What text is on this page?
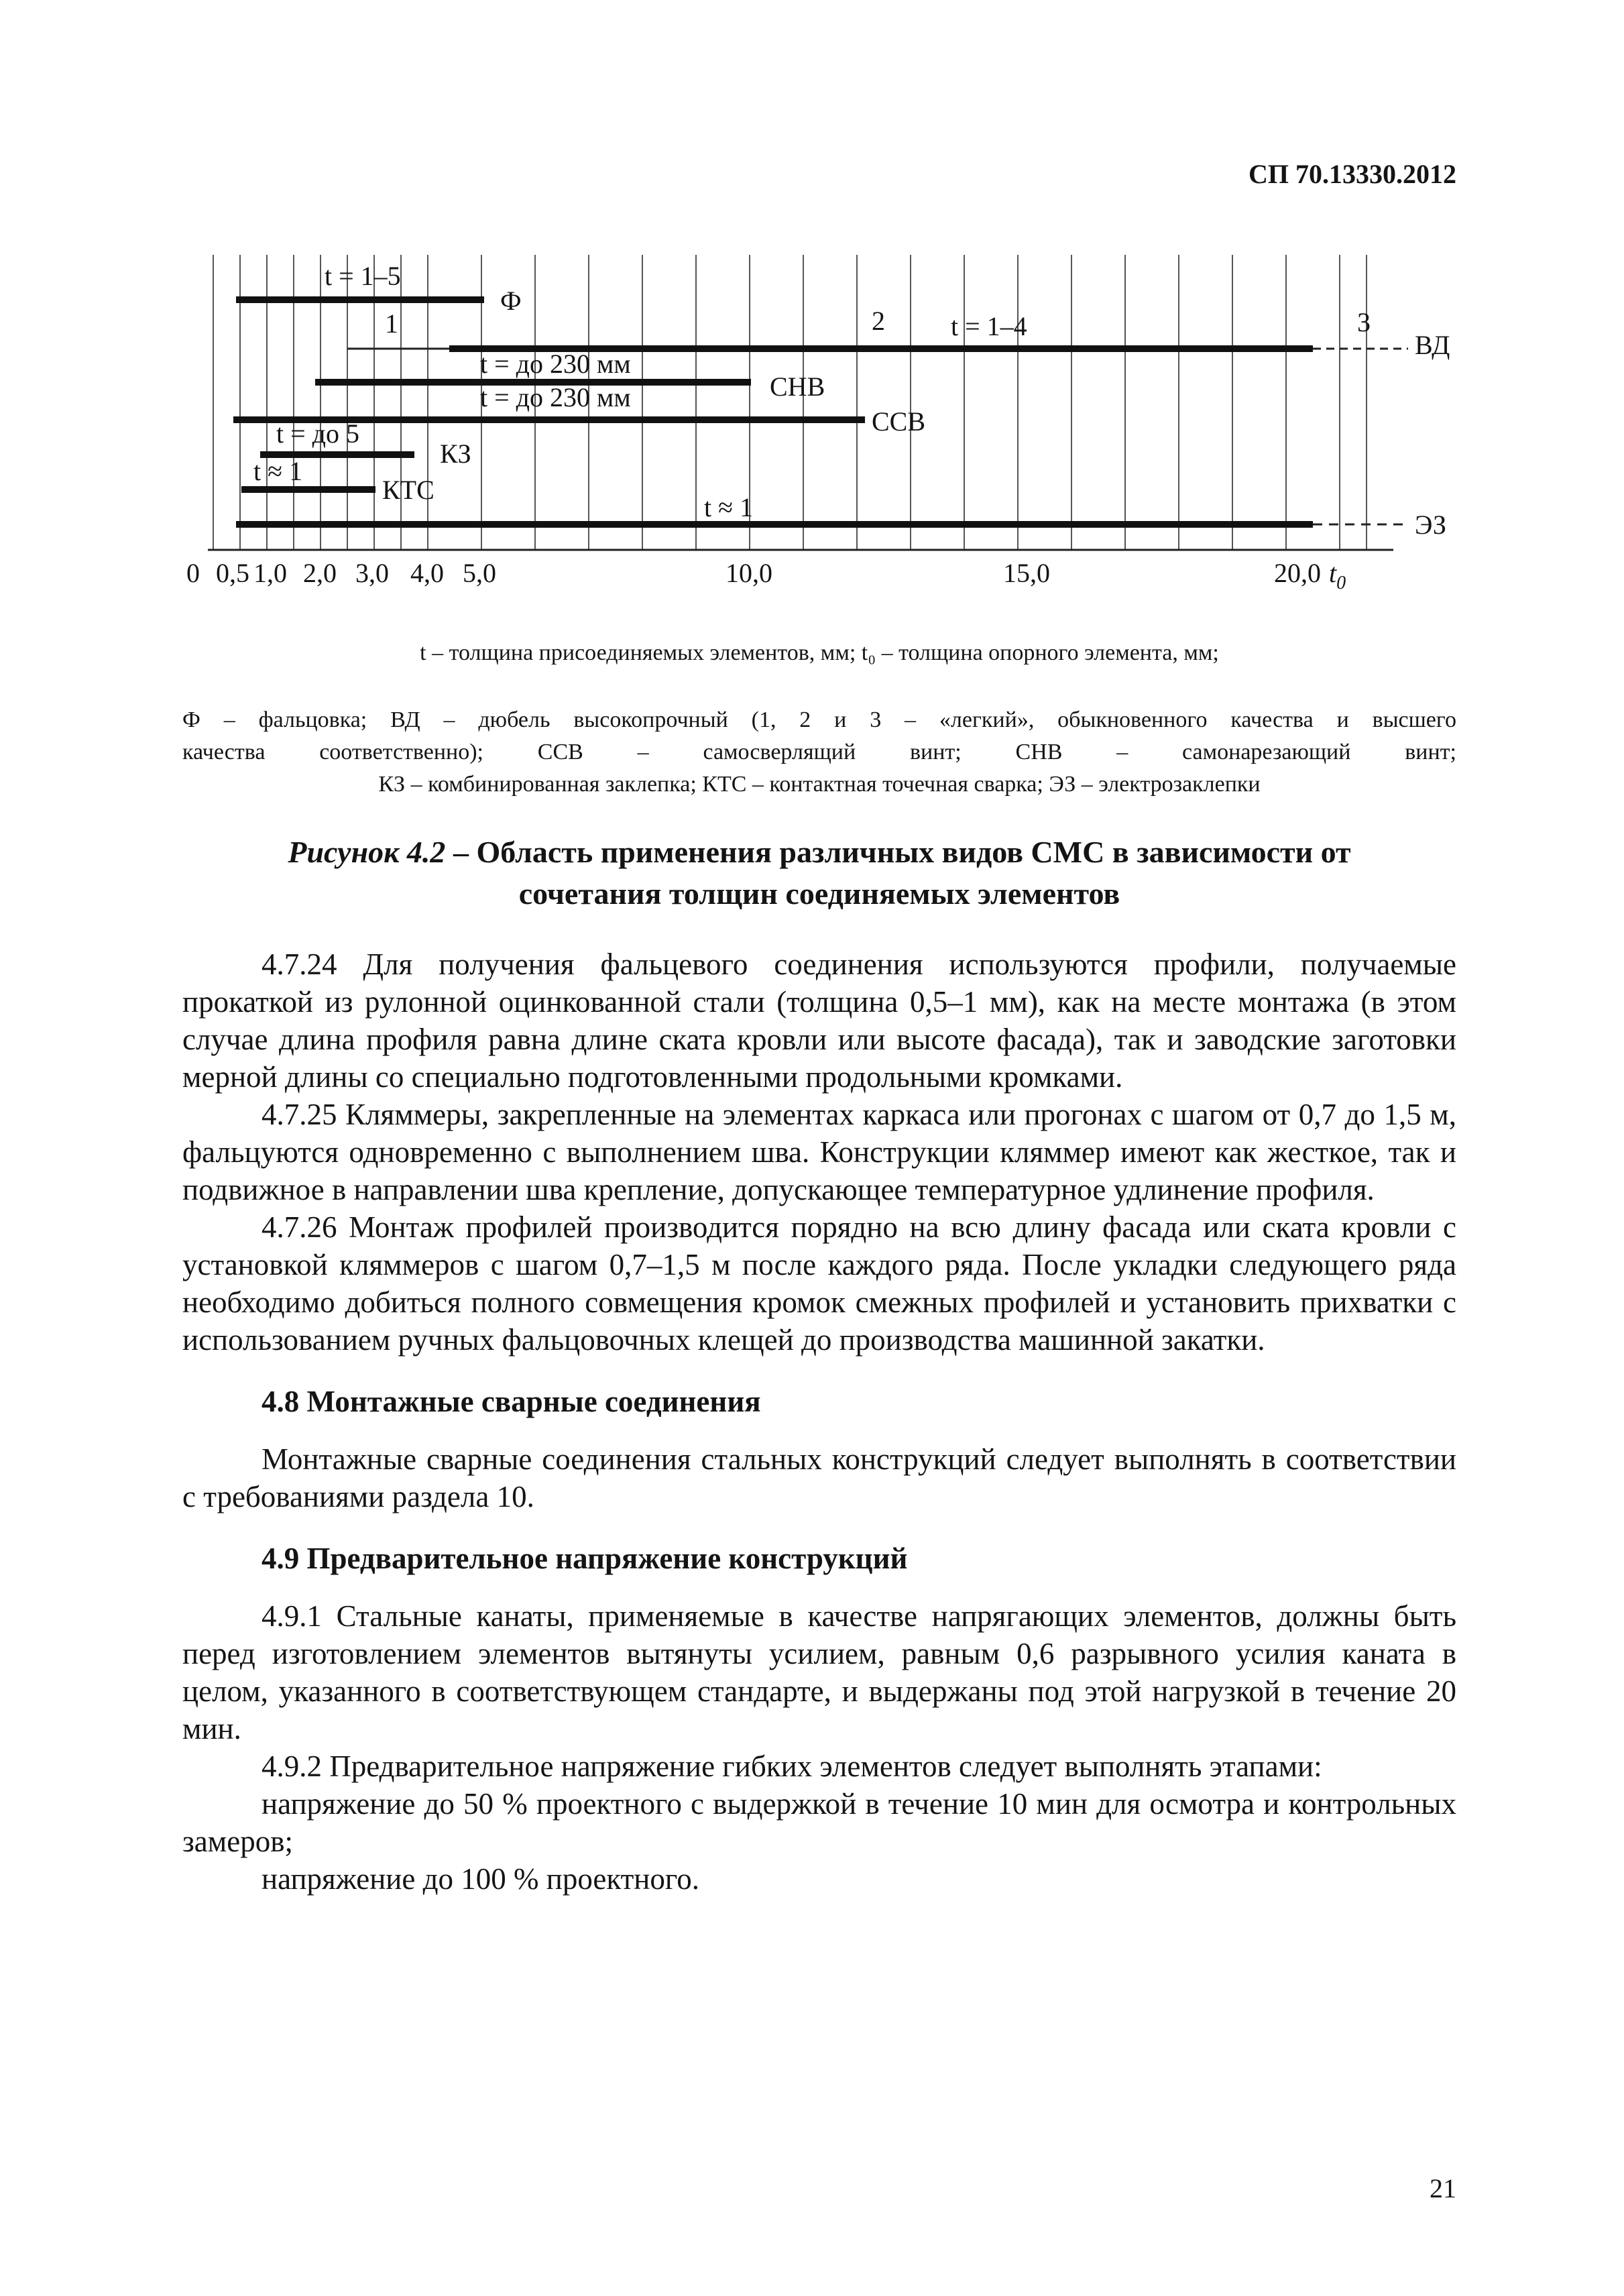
СП 70.13330.2012
t = 1–5
Ф
1	2 t = 1–4	3
ВД
t = до 230 мм
СНВ
t = до 230 мм
ССВ
t = до 5
КЗ
t ≈ 1
КТС
t ≈ 1
ЭЗ
0 0,5 1,0 2,0 3,0 4,0 5,0	10,0	15,0	20,0 $t_0$
t – толщина присоединяемых элементов, мм; t₀ – толщина опорного элемента, мм;
Ф – фальцовка; ВД – дюбель высокопрочный (1, 2 и 3 – «легкий», обыкновенного качества и высшего
качества соответственно); ССВ – самосверлящий винт; СНВ – самонарезающий винт;
КЗ – комбинированная заклепка; КТС – контактная точечная сварка; ЭЗ – электрозаклепки
Рисунок 4.2 – Область применения различных видов СМС в зависимости от
сочетания толщин соединяемых элементов

4.7.24 Для получения фальцевого соединения используются профили, получаемые прокаткой из рулонной оцинкованной стали (толщина 0,5–1 мм), как на месте монтажа (в этом случае длина профиля равна длине ската кровли или высоте фасада), так и заводские заготовки мерной длины со специально подготовленными продольными кромками.

4.7.25 Кляммеры, закрепленные на элементах каркаса или прогонах с шагом от 0,7 до 1,5 м, фальцуются одновременно с выполнением шва. Конструкции кляммер имеют как жесткое, так и подвижное в направлении шва крепление, допускающее температурное удлинение профиля.

4.7.26 Монтаж профилей производится порядно на всю длину фасада или ската кровли с установкой кляммеров с шагом 0,7–1,5 м после каждого ряда. После укладки следующего ряда необходимо добиться полного совмещения кромок смежных профилей и установить прихватки с использованием ручных фальцовочных клещей до производства машинной закатки.

4.8 Монтажные сварные соединения

Монтажные сварные соединения стальных конструкций следует выполнять в соответствии с требованиями раздела 10.

4.9 Предварительное напряжение конструкций

4.9.1 Стальные канаты, применяемые в качестве напрягающих элементов, должны быть перед изготовлением элементов вытянуты усилием, равным 0,6 разрывного усилия каната в целом, указанного в соответствующем стандарте, и выдержаны под этой нагрузкой в течение 20 мин.

4.9.2 Предварительное напряжение гибких элементов следует выполнять этапами:

напряжение до 50 % проектного с выдержкой в течение 10 мин для осмотра и контрольных замеров;

напряжение до 100 % проектного.

21
